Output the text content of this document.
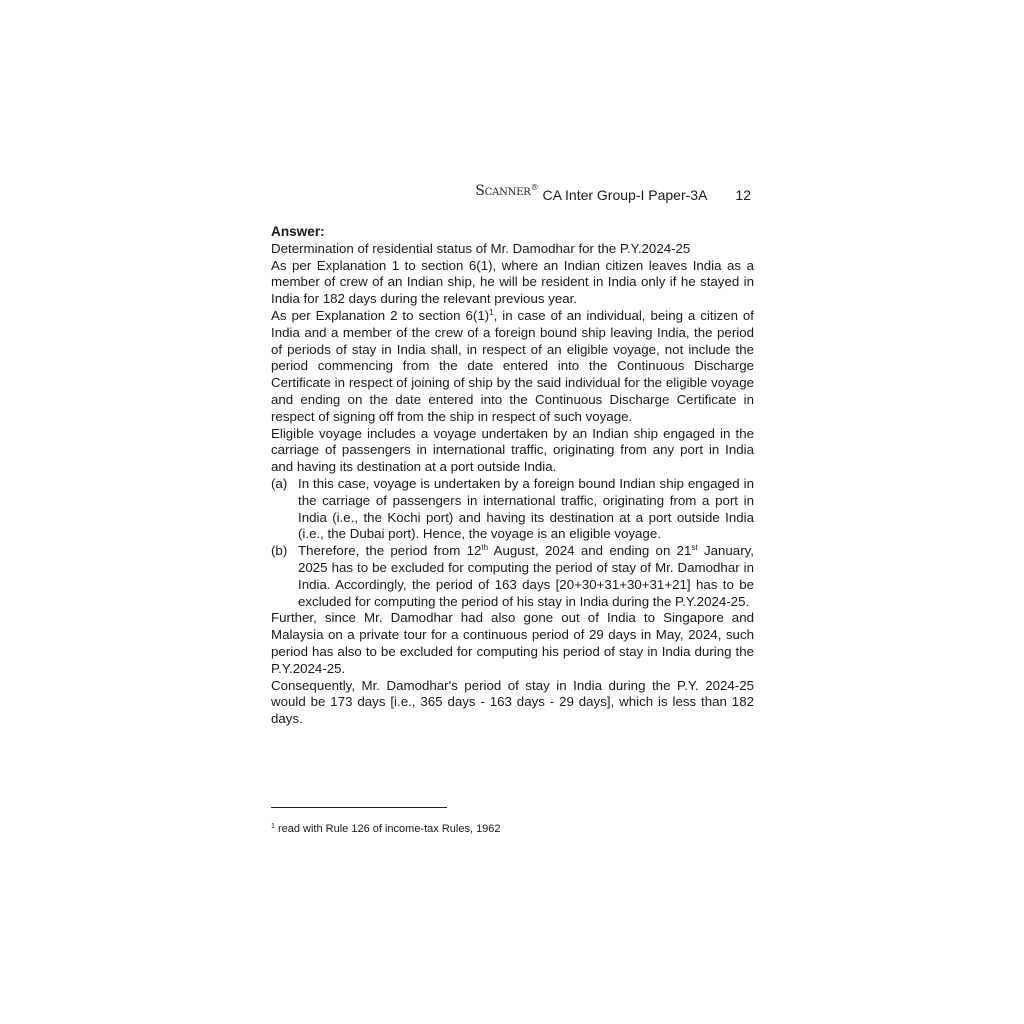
SCANNER® CA Inter Group-I Paper-3A 12

Answer:

Determination of residential status of Mr. Damodhar for the P.Y.2024-25

As per Explanation 1 to section 6(1), where an Indian citizen leaves India as a member of crew of an Indian ship, he will be resident in India only if he stayed in India for 182 days during the relevant previous year.

As per Explanation 2 to section $6(1)^1$, in case of an individual, being a citizen of India and a member of the crew of a foreign bound ship leaving India, the period of periods of stay in India shall, in respect of an eligible voyage, not include the period commencing from the date entered into the Continuous Discharge Certificate in respect of joining of ship by the said individual for the eligible voyage and ending on the date entered into the Continuous Discharge Certificate in respect of signing off from the ship in respect of such voyage.

Eligible voyage includes a voyage undertaken by an Indian ship engaged in the carriage of passengers in international traffic, originating from any port in India and having its destination at a port outside India.

(a) In this case, voyage is undertaken by a foreign bound Indian ship engaged in the carriage of passengers in international traffic, originating from a port in India (i.e., the Kochi port) and having its destination at a port outside India (i.e., the Dubai port). Hence, the voyage is an eligible voyage.
(b) Therefore, the period from 12th August, 2024 and ending on 21st January, 2025 has to be excluded for computing the period of stay of Mr. Damodhar in India. Accordingly, the period of 163 days [20+30+31+30+31+21] has to be excluded for computing the period of his stay in India during the P.Y.2024-25.

Further, since Mr. Damodhar had also gone out of India to Singapore and Malaysia on a private tour for a continuous period of 29 days in May, 2024, such period has also to be excluded for computing his period of stay in India during the P.Y.2024-25.

Consequently, Mr. Damodhar's period of stay in India during the P.Y. 2024-25 would be 173 days [i.e., 365 days - 163 days - 29 days], which is less than 182 days.

$^1$ read with Rule 126 of income-tax Rules, 1962
